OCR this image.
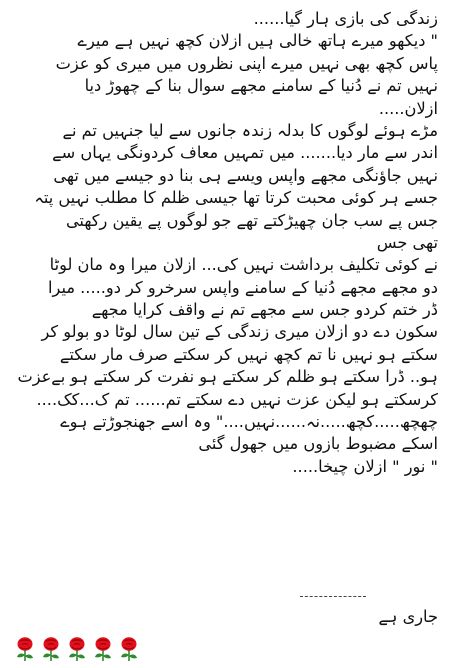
زندگی کی بازی ہار گیا......
" دیکھو میرے ہاتھ خالی ہیں ازلان کچھ نہیں ہے میرے
پاس کچھ بھی نہیں میرے اپنی نظروں میں میری کو عزت
نہیں تم نے دُنیا کے سامنے مجھے سوال بنا کے چھوڑ دیا
ازلان.....
مڑے ہوئے لوگوں کا بدلہ زندہ جانوں سے لیا جنہیں تم نے
اندر سے مار دیا....... میں تمہیں معاف کردونگی یہاں سے
نہیں جاؤنگی مجھے واپس ویسے ہی بنا دو جیسے میں تھی
جسے ہر کوئی محبت کرتا تھا جیسی ظلم کا مطلب نہیں پتہ
جس پے سب جان چھیڑکتے تھے جو لوگوں پے یقین رکھتی
تھی جس
نے کوئی تکلیف برداشت نہیں کی... ازلان میرا وہ مان لوٹا
دو مجھے مجھے دُنیا کے سامنے واپس سرخرو کر دو..... میرا
ڈر ختم کردو جس سے مجھے تم نے واقف کرایا مجھے
سکون دے دو ازلان میری زندگی کے تین سال لوٹا دو بولو کر
سکتے ہو نہیں نا تم کچھ نہیں کر سکتے صرف مار سکتے
ہو.. ڈرا سکتے ہو ظلم کر سکتے ہو نفرت کر سکتے ہو بےعزت
کرسکتے ہو لیکن عزت نہیں دے سکتے تم...... تم ک...کک....
چھچھ.....کچھ.....نہ......نہیں...." وہ اسے جھنجوڑتے ہوے
اسکے مضبوط بازوں میں جھول گئی
" نور " ازلان چیخا.....
جاری ہے
